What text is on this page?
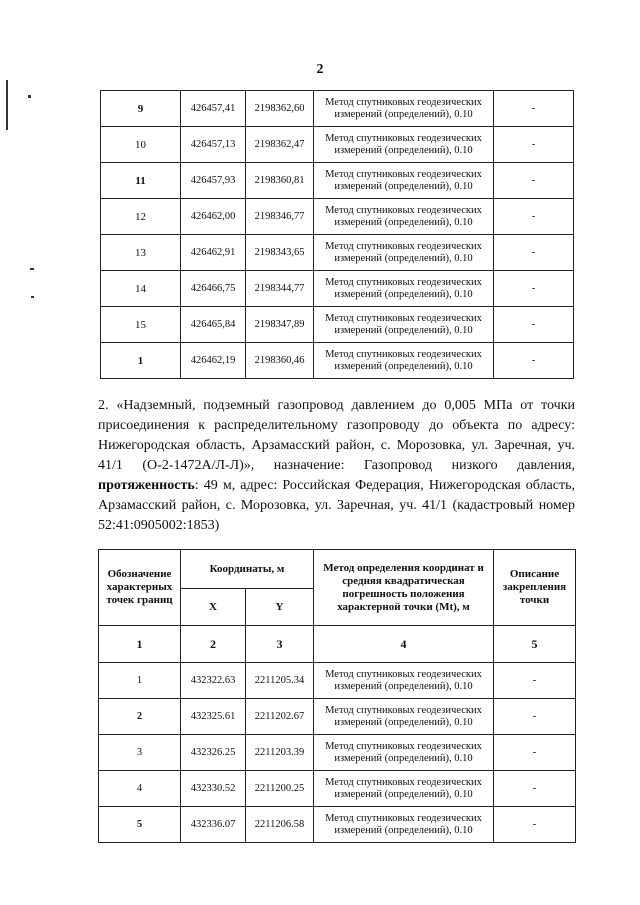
2
9	426457,41	2198362,60	Метод спутниковых геодезических измерений (определений), 0.10	-
10	426457,13	2198362,47	Метод спутниковых геодезических измерений (определений), 0.10	-
11	426457,93	2198360,81	Метод спутниковых геодезических измерений (определений), 0.10	-
12	426462,00	2198346,77	Метод спутниковых геодезических измерений (определений), 0.10	-
13	426462,91	2198343,65	Метод спутниковых геодезических измерений (определений), 0.10	-
14	426466,75	2198344,77	Метод спутниковых геодезических измерений (определений), 0.10	-
15	426465,84	2198347,89	Метод спутниковых геодезических измерений (определений), 0.10	-
1	426462,19	2198360,46	Метод спутниковых геодезических измерений (определений), 0.10	-
2. «Надземный, подземный газопровод давлением до 0,005 МПа от точки присоединения к распределительному газопроводу до объекта по адресу: Нижегородская область, Арзамасский район, с. Морозовка, ул. Заречная, уч. 41/1 (О-2-1472А/Л-Л)», назначение: Газопровод низкого давления, протяженность: 49 м, адрес: Российская Федерация, Нижегородская область, Арзамасский район, с. Морозовка, ул. Заречная, уч. 41/1 (кадастровый номер 52:41:0905002:1853)
Обозначение характерных точек границ	Координаты, м		Метод определения координат и средняя квадратическая погрешность положения характерной точки (Mt), м	Описание закрепления точки
	X	Y		
1	2	3	4	5
1	432322.63	2211205.34	Метод спутниковых геодезических измерений (определений), 0.10	-
2	432325.61	2211202.67	Метод спутниковых геодезических измерений (определений), 0.10	-
3	432326.25	2211203.39	Метод спутниковых геодезических измерений (определений), 0.10	-
4	432330.52	2211200.25	Метод спутниковых геодезических измерений (определений), 0.10	-
5	432336.07	2211206.58	Метод спутниковых геодезических измерений (определений), 0.10	-
